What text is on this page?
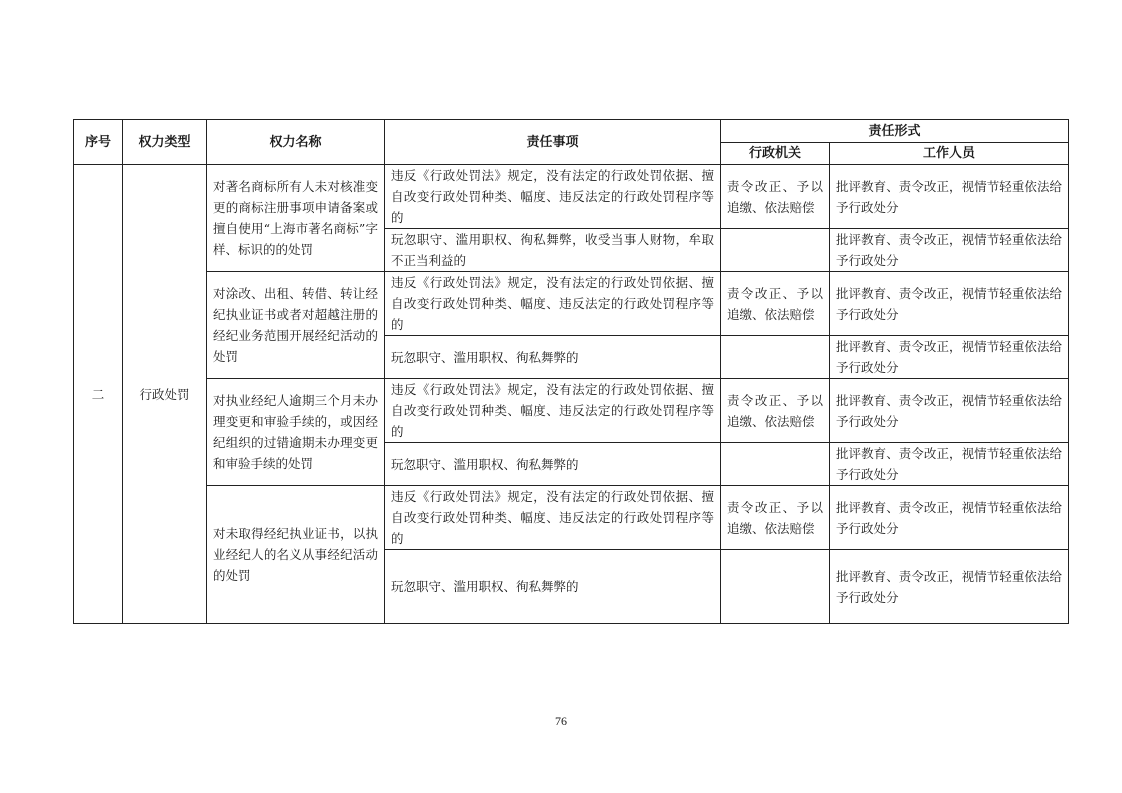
序号	权力类型	权力名称	责任事项	责任形式	
				行政机关	工作人员
二	行政处罚	对著名商标所有人未对核准变更的商标注册事项申请备案或擅自使用“上海市著名商标”字样、标识的的处罚	违反《行政处罚法》规定，没有法定的行政处罚依据、擅自改变行政处罚种类、幅度、违反法定的行政处罚程序等的	责令改正、予以追缴、依法赔偿	批评教育、责令改正，视情节轻重依法给予行政处分
			玩忽职守、滥用职权、徇私舞弊，收受当事人财物，牟取不正当利益的		批评教育、责令改正，视情节轻重依法给予行政处分
		对涂改、出租、转借、转让经纪执业证书或者对超越注册的经纪业务范围开展经纪活动的处罚	违反《行政处罚法》规定，没有法定的行政处罚依据、擅自改变行政处罚种类、幅度、违反法定的行政处罚程序等的	责令改正、予以追缴、依法赔偿	批评教育、责令改正，视情节轻重依法给予行政处分
			玩忽职守、滥用职权、徇私舞弊的		批评教育、责令改正，视情节轻重依法给予行政处分
		对执业经纪人逾期三个月未办理变更和审验手续的，或因经纪组织的过错逾期未办理变更和审验手续的处罚	违反《行政处罚法》规定，没有法定的行政处罚依据、擅自改变行政处罚种类、幅度、违反法定的行政处罚程序等的	责令改正、予以追缴、依法赔偿	批评教育、责令改正，视情节轻重依法给予行政处分
			玩忽职守、滥用职权、徇私舞弊的		批评教育、责令改正，视情节轻重依法给予行政处分
		对未取得经纪执业证书，以执业经纪人的名义从事经纪活动的处罚	违反《行政处罚法》规定，没有法定的行政处罚依据、擅自改变行政处罚种类、幅度、违反法定的行政处罚程序等的	责令改正、予以追缴、依法赔偿	批评教育、责令改正，视情节轻重依法给予行政处分
			玩忽职守、滥用职权、徇私舞弊的		批评教育、责令改正，视情节轻重依法给予行政处分
76
